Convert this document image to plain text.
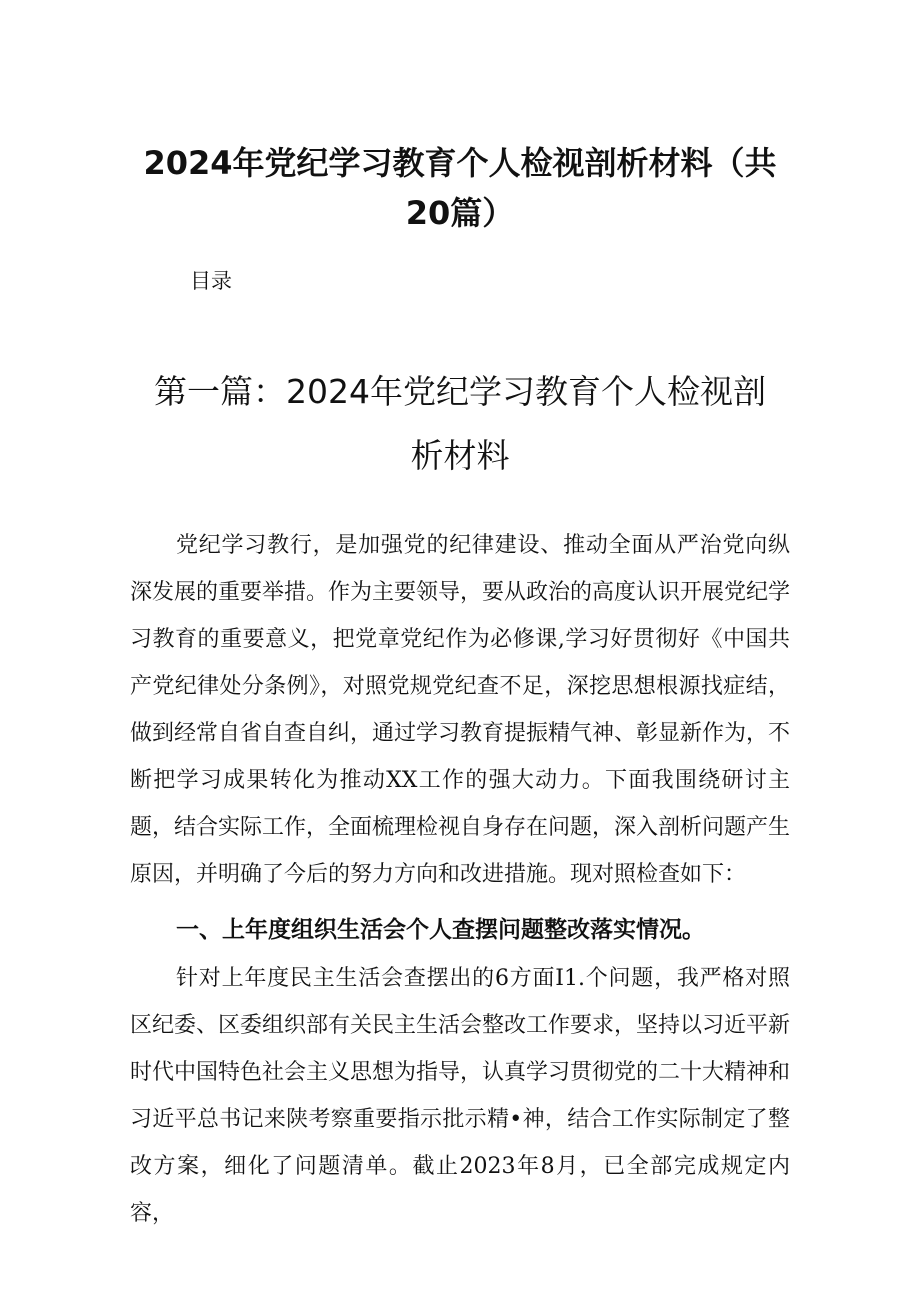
2024年党纪学习教育个人检视剖析材料（共20篇）
目录
第一篇：2024年党纪学习教育个人检视剖析材料

党纪学习教行，是加强党的纪律建设、推动全面从严治党向纵深发展的重要举措。作为主要领导，要从政治的高度认识开展党纪学习教育的重要意义，把党章党纪作为必修课,学习好贯彻好《中国共产党纪律处分条例》，对照党规党纪查不足，深挖思想根源找症结，做到经常自省自查自纠，通过学习教育提振精气神、彰显新作为，不断把学习成果转化为推动XX工作的强大动力。下面我围绕研讨主题，结合实际工作，全面梳理检视自身存在问题，深入剖析问题产生原因，并明确了今后的努力方向和改进措施。现对照检查如下：

一、上年度组织生活会个人查摆问题整改落实情况。

针对上年度民主生活会查摆出的6方面I1.个问题，我严格对照区纪委、区委组织部有关民主生活会整改工作要求，坚持以习近平新时代中国特色社会主义思想为指导，认真学习贯彻党的二十大精神和习近平总书记来陕考察重要指示批示精•神，结合工作实际制定了整改方案，细化了问题清单。截止2023年8月，已全部完成规定内容，
